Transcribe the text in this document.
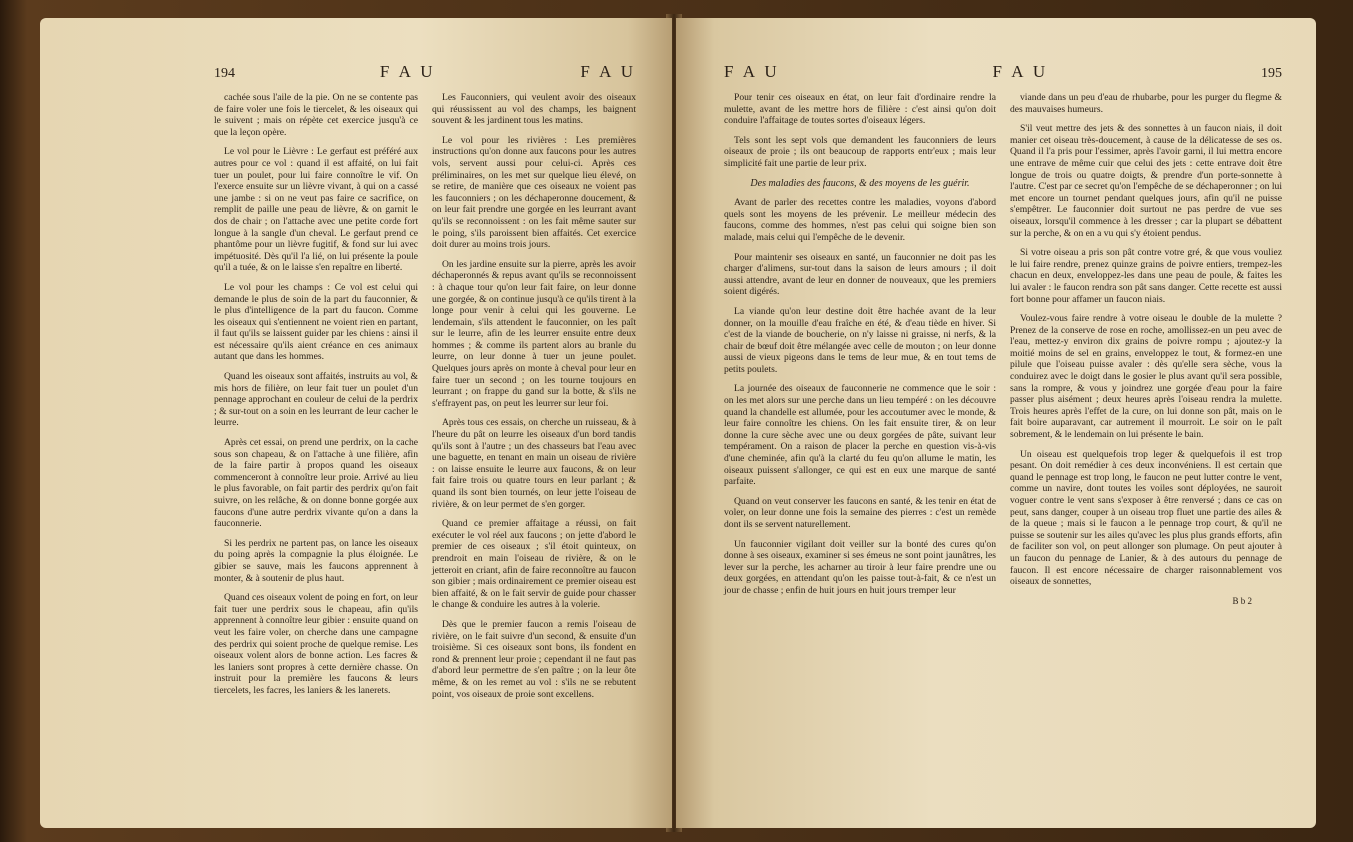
194	F A U	F A U

cachée sous l'aile de la pie. On ne se contente pas de faire voler une fois le tiercelet, & les oiseaux qui le suivent ; mais on répète cet exercice jusqu'à ce que la leçon opère.

Le vol pour le Lièvre : Le gerfaut est préféré aux autres pour ce vol : quand il est affaité, on lui fait tuer un poulet, pour lui faire connoître le vif. On l'exerce ensuite sur un lièvre vivant, à qui on a cassé une jambe : si on ne veut pas faire ce sacrifice, on remplit de paille une peau de lièvre, & on garnit le dos de chair ; on l'attache avec une petite corde fort longue à la sangle d'un cheval. Le gerfaut prend ce phantôme pour un lièvre fugitif, & fond sur lui avec impétuosité. Dès qu'il l'a lié, on lui présente la poule qu'il a tuée, & on le laisse s'en repaître en liberté.

Le vol pour les champs : Ce vol est celui qui demande le plus de soin de la part du fauconnier, & le plus d'intelligence de la part du faucon. Comme les oiseaux qui s'entiennent ne voient rien en partant, il faut qu'ils se laissent guider par les chiens : ainsi il est nécessaire qu'ils aient créance en ces animaux autant que dans les hommes.

Quand les oiseaux sont affaités, instruits au vol, & mis hors de filière, on leur fait tuer un poulet d'un pennage approchant en couleur de celui de la perdrix ; & sur-tout on a soin en les leurrant de leur cacher le leurre.

Après cet essai, on prend une perdrix, on la cache sous son chapeau, & on l'attache à une filière, afin de la faire partir à propos quand les oiseaux commenceront à connoître leur proie. Arrivé au lieu le plus favorable, on fait partir des perdrix qu'on fait suivre, on les relâche, & on donne bonne gorgée aux faucons d'une autre perdrix vivante qu'on a dans la fauconnerie.

Si les perdrix ne partent pas, on lance les oiseaux du poing après la compagnie la plus éloignée. Le gibier se sauve, mais les faucons apprennent à monter, & à soutenir de plus haut.

Quand ces oiseaux volent de poing en fort, on leur fait tuer une perdrix sous le chapeau, afin qu'ils apprennent à connoître leur gibier : ensuite quand on veut les faire voler, on cherche dans une campagne des perdrix qui soient proche de quelque remise. Les oiseaux volent alors de bonne action. Les facres & les laniers sont propres à cette dernière chasse. On instruit pour la première les faucons & leurs tiercelets, les facres, les laniers & les lanerets.

Les Fauconniers, qui veulent avoir des oiseaux qui réussissent au vol des champs, les baignent souvent & les jardinent tous les matins.

Le vol pour les rivières : Les premières instructions qu'on donne aux faucons pour les autres vols, servent aussi pour celui-ci. Après ces préliminaires, on les met sur quelque lieu élevé, on se retire, de manière que ces oiseaux ne voient pas les fauconniers ; on les déchaperonne doucement, & on leur fait prendre une gorgée en les leurrant avant qu'ils se reconnoissent : on les fait même sauter sur le poing, s'ils paroissent bien affaités. Cet exercice doit durer au moins trois jours.

On les jardine ensuite sur la pierre, après les avoir déchaperonnés & repus avant qu'ils se reconnoissent : à chaque tour qu'on leur fait faire, on leur donne une gorgée, & on continue jusqu'à ce qu'ils tirent à la longe pour venir à celui qui les gouverne. Le lendemain, s'ils attendent le fauconnier, on les paît sur le leurre, afin de les leurrer ensuite entre deux hommes ; & comme ils partent alors au branle du leurre, on leur donne à tuer un jeune poulet. Quelques jours après on monte à cheval pour leur en faire tuer un second ; on les tourne toujours en leurrant ; on frappe du gand sur la botte, & s'ils ne s'effrayent pas, on peut les leurrer sur leur foi.

Après tous ces essais, on cherche un ruisseau, & à l'heure du pât on leurre les oiseaux d'un bord tandis qu'ils sont à l'autre ; un des chasseurs bat l'eau avec une baguette, en tenant en main un oiseau de rivière : on laisse ensuite le leurre aux faucons, & on leur fait faire trois ou quatre tours en leur parlant ; & quand ils sont bien tournés, on leur jette l'oiseau de rivière, & on leur permet de s'en gorger.

Quand ce premier affaitage a réussi, on fait exécuter le vol réel aux faucons ; on jette d'abord le premier de ces oiseaux ; s'il étoit quinteux, on prendroit en main l'oiseau de rivière, & on le jetteroit en criant, afin de faire reconnoître au faucon son gibier ; mais ordinairement ce premier oiseau est bien affaité, & on le fait servir de guide pour chasser le change & conduire les autres à la volerie.

Dès que le premier faucon a remis l'oiseau de rivière, on le fait suivre d'un second, & ensuite d'un troisième. Si ces oiseaux sont bons, ils fondent en rond & prennent leur proie ; cependant il ne faut pas d'abord leur permettre de s'en paître ; on la leur ôte même, & on les remet au vol : s'ils ne se rebutent point, vos oiseaux de proie sont excellens.

F A U	F A U	195

Pour tenir ces oiseaux en état, on leur fait d'ordinaire rendre la mulette, avant de les mettre hors de filière : c'est ainsi qu'on doit conduire l'affaitage de toutes sortes d'oiseaux légers.

Tels sont les sept vols que demandent les fauconniers de leurs oiseaux de proie ; ils ont beaucoup de rapports entr'eux ; mais leur simplicité fait une partie de leur prix.

Des maladies des faucons, & des moyens de les guérir.

Avant de parler des recettes contre les maladies, voyons d'abord quels sont les moyens de les prévenir. Le meilleur médecin des faucons, comme des hommes, n'est pas celui qui soigne bien son malade, mais celui qui l'empêche de le devenir.

Pour maintenir ses oiseaux en santé, un fauconnier ne doit pas les charger d'alimens, sur-tout dans la saison de leurs amours ; il doit aussi attendre, avant de leur en donner de nouveaux, que les premiers soient digérés.

La viande qu'on leur destine doit être hachée avant de la leur donner, on la mouille d'eau fraîche en été, & d'eau tiède en hiver. Si c'est de la viande de boucherie, on n'y laisse ni graisse, ni nerfs, & la chair de bœuf doit être mélangée avec celle de mouton ; on leur donne aussi de vieux pigeons dans le tems de leur mue, & en tout tems de petits poulets.

La journée des oiseaux de fauconnerie ne commence que le soir : on les met alors sur une perche dans un lieu tempéré : on les découvre quand la chandelle est allumée, pour les accoutumer avec le monde, & leur faire connoître les chiens. On les fait ensuite tirer, & on leur donne la cure sèche avec une ou deux gorgées de pâte, suivant leur tempérament. On a raison de placer la perche en question vis-à-vis d'une cheminée, afin qu'à la clarté du feu qu'on allume le matin, les oiseaux puissent s'allonger, ce qui est en eux une marque de santé parfaite.

Quand on veut conserver les faucons en santé, & les tenir en état de voler, on leur donne une fois la semaine des pierres : c'est un remède dont ils se servent naturellement.

Un fauconnier vigilant doit veiller sur la bonté des cures qu'on donne à ses oiseaux, examiner si ses émeus ne sont point jaunâtres, les lever sur la perche, les acharner au tiroir à leur faire prendre une ou deux gorgées, en attendant qu'on les paisse tout-à-fait, & ce n'est un jour de chasse ; enfin de huit jours en huit jours tremper leur

viande dans un peu d'eau de rhubarbe, pour les purger du flegme & des mauvaises humeurs.

S'il veut mettre des jets & des sonnettes à un faucon niais, il doit manier cet oiseau très-doucement, à cause de la délicatesse de ses os. Quand il l'a pris pour l'essimer, après l'avoir garni, il lui mettra encore une entrave de même cuir que celui des jets : cette entrave doit être longue de trois ou quatre doigts, & prendre d'un porte-sonnette à l'autre. C'est par ce secret qu'on l'empêche de se déchaperonner ; on lui met encore un tournet pendant quelques jours, afin qu'il ne puisse s'empêtrer. Le fauconnier doit surtout ne pas perdre de vue ses oiseaux, lorsqu'il commence à les dresser ; car la plupart se débattent sur la perche, & on en a vu qui s'y étoient pendus.

Si votre oiseau a pris son pât contre votre gré, & que vous vouliez le lui faire rendre, prenez quinze grains de poivre entiers, trempez-les chacun en deux, enveloppez-les dans une peau de poule, & faites les lui avaler : le faucon rendra son pât sans danger. Cette recette est aussi fort bonne pour affamer un faucon niais.

Voulez-vous faire rendre à votre oiseau le double de la mulette ? Prenez de la conserve de rose en roche, amollissez-en un peu avec de l'eau, mettez-y environ dix grains de poivre rompu ; ajoutez-y la moitié moins de sel en grains, enveloppez le tout, & formez-en une pilule que l'oiseau puisse avaler : dès qu'elle sera sèche, vous la conduirez avec le doigt dans le gosier le plus avant qu'il sera possible, sans la rompre, & vous y joindrez une gorgée d'eau pour la faire passer plus aisément ; deux heures après l'oiseau rendra la mulette. Trois heures après l'effet de la cure, on lui donne son pât, mais on le fait boire auparavant, car autrement il mourroit. Le soir on le paît sobrement, & le lendemain on lui présente le bain.

Un oiseau est quelquefois trop leger & quelquefois il est trop pesant. On doit remédier à ces deux inconvéniens. Il est certain que quand le pennage est trop long, le faucon ne peut lutter contre le vent, comme un navire, dont toutes les voiles sont déployées, ne sauroit voguer contre le vent sans s'exposer à être renversé ; dans ce cas on peut, sans danger, couper à un oiseau trop fluet une partie des ailes & de la queue ; mais si le faucon a le pennage trop court, & qu'il ne puisse se soutenir sur les ailes qu'avec les plus plus grands efforts, afin de faciliter son vol, on peut allonger son plumage. On peut ajouter à un faucon du pennage de Lanier, & à des autours du pennage de faucon. Il est encore nécessaire de charger raisonnablement vos oiseaux de sonnettes,

B b 2
